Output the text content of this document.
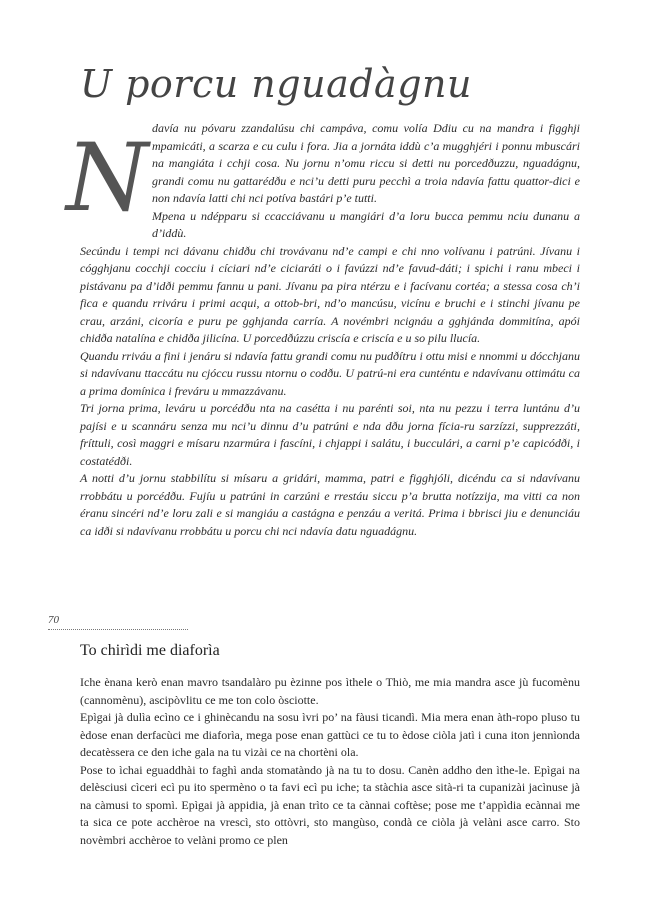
U porcu nguadàgnu
N davía nu póvaru zzandalúsu chi campáva, comu volía Ddiu cu na mandra i figghji mpamicáti, a scarza e cu culu i fora. Jia a jornáta iddù c’a mugghjéri i ponnu mbuscári na mangiáta i cchji cosa. Nu jornu n’omu riccu si detti nu porcedðuzzu, nguadágnu, grandi comu nu gattarédðu e nci’u detti puru pecchì a troia ndavía fattu quattor-dici e non ndavía latti chi nci potíva bastári p’e tutti.

Mpena u ndépparu si ccacciávanu u mangiári d’a loru bucca pemmu nciu dunanu a d’iddù.

Secúndu i tempi nci dávanu chidðu chi trovávanu nd’e campi e chi nno volívanu i patrúni. Jívanu i cógghjanu cocchji cocciu i cíciari nd’e ciciaráti o i favúzzi nd’e favud-dáti; i spichi i ranu mbeci i pistávanu pa d’idði pemmu fannu u pani. Jívanu pa pira ntérzu e i facívanu cortéa; a stessa cosa ch’i fica e quandu rriváru i primi acqui, a ottob-bri, nd’o mancúsu, vicínu e bruchi e i stinchi jívanu pe crau, arzáni, cicoría e puru pe gghjanda carría. A novémbri ncignáu a gghjánda dommitína, apói chidða natalína e chidða jilicína. U porcedðúzzu criscía e criscía e u so pilu llucía.

Quandu rriváu a fini i jenáru si ndavía fattu grandi comu nu pudðítru i ottu misi e nnommi u dócchjanu si ndavívanu ttaccátu nu cjóccu russu ntornu o codðu. U patrú-ni era cunténtu e ndavívanu ottimátu ca a prima domínica i freváru u mmazzávanu.

Tri jorna prima, leváru u porcédðu nta na casétta i nu parénti soi, nta nu pezzu i terra luntánu d’u pajísi e u scannáru senza mu nci’u dinnu d’u patrúni e nda dðu jorna fícia-ru sarzízzi, supprezzáti, fríttuli, così maggri e mísaru nzarmúra i fascíni, i chjappi i salátu, i bucculári, a carni p’e capicódði, i costatédði.

A notti d’u jornu stabbilítu si mísaru a gridári, mamma, patri e figghjóli, dicéndu ca si ndavívanu rrobbátu u porcédðu. Fujíu u patrúni in carzúni e rrestáu siccu p’a brutta notízzija, ma vitti ca non éranu sincéri nd’e loru zali e si mangiáu a castágna e penzáu a veritá. Prima i bbrisci jiu e denunciáu ca idði si ndavívanu rrobbátu u porcu chi nci ndavía datu nguadágnu.

70
To chirìdi me diaforìa

Iche ènana kerò enan mavro tsandalàro pu èzinne pos ìthele o Thiò, me mia mandra asce jù fucomènu (cannomènu), ascipòvlitu ce me ton colo òsciotte.

Epìgai jà dulìa ecìno ce i ghinècandu na sosu ìvri po’ na fàusi ticandì. Mia mera enan àth-ropo pluso tu èdose enan derfacùci me diaforìa, mega pose enan gattùci ce tu to èdose ciòla jatì i cuna iton jennìonda decatèssera ce den iche gala na tu vizài ce na chortèni ola.

Pose to ìchai eguaddhài to faghì anda stomatàndo jà na tu to dosu. Canèn addho den ìthe-le. Epìgai na delèsciusi cìceri ecì pu ito spermèno o ta favi ecì pu iche; ta stàchia asce sità-ri ta cupanizài jacìnuse jà na càmusi to spomì. Epìgai jà appidia, jà enan trìto ce ta cànnai coftèse; pose me t’appìdia ecànnai me ta sica ce pote acchèroe na vrescì, sto ottòvri, sto mangùso, condà ce ciòla jà velàni asce carro. Sto novèmbri acchèroe to velàni promo ce plen
